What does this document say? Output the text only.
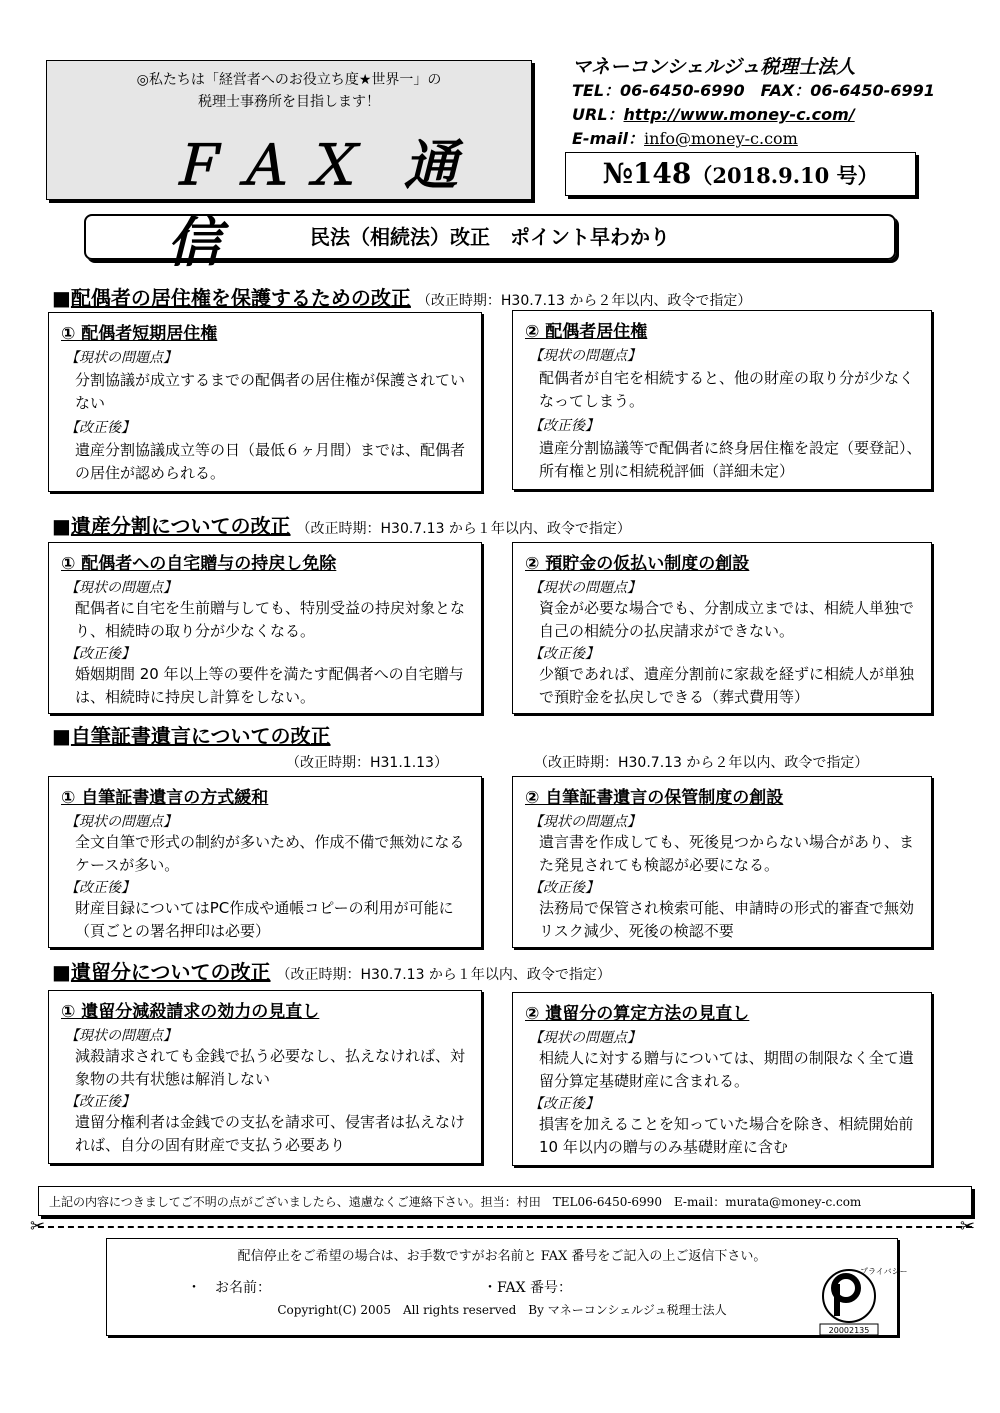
◎私たちは「経営者へのお役立ち度★世界一」の
税理士事務所を目指します！
ＦＡＸ 通信
マネーコンシェルジュ税理士法人
TEL：06-6450-6990　FAX：06-6450-6991
URL：http://www.money-c.com/
E-mail：info@money-c.com
№148（2018.9.10 号）
民法（相続法）改正　ポイント早わかり
■配偶者の居住権を保護するための改正 （改正時期：H30.7.13 から２年以内、政令で指定）
① 配偶者短期居住権
【現状の問題点】
分割協議が成立するまでの配偶者の居住権が保護されていない
【改正後】
遺産分割協議成立等の日（最低６ヶ月間）までは、配偶者の居住が認められる。
② 配偶者居住権
【現状の問題点】
配偶者が自宅を相続すると、他の財産の取り分が少なくなってしまう。
【改正後】
遺産分割協議等で配偶者に終身居住権を設定（要登記）、所有権と別に相続税評価（詳細未定）
■遺産分割についての改正 （改正時期：H30.7.13 から１年以内、政令で指定）
① 配偶者への自宅贈与の持戻し免除
【現状の問題点】
配偶者に自宅を生前贈与しても、特別受益の持戻対象となり、相続時の取り分が少なくなる。
【改正後】
婚姻期間 20 年以上等の要件を満たす配偶者への自宅贈与は、相続時に持戻し計算をしない。
② 預貯金の仮払い制度の創設
【現状の問題点】
資金が必要な場合でも、分割成立までは、相続人単独で自己の相続分の払戻請求ができない。
【改正後】
少額であれば、遺産分割前に家裁を経ずに相続人が単独で預貯金を払戻しできる（葬式費用等）
■自筆証書遺言についての改正
（改正時期：H31.1.13）	（改正時期：H30.7.13 から２年以内、政令で指定）
① 自筆証書遺言の方式緩和
【現状の問題点】
全文自筆で形式の制約が多いため、作成不備で無効になるケースが多い。
【改正後】
財産目録についてはPC作成や通帳コピーの利用が可能に（頁ごとの署名押印は必要）
② 自筆証書遺言の保管制度の創設
【現状の問題点】
遺言書を作成しても、死後見つからない場合があり、また発見されても検認が必要になる。
【改正後】
法務局で保管され検索可能、申請時の形式的審査で無効リスク減少、死後の検認不要
■遺留分についての改正 （改正時期：H30.7.13 から１年以内、政令で指定）
① 遺留分減殺請求の効力の見直し
【現状の問題点】
減殺請求されても金銭で払う必要なし、払えなければ、対象物の共有状態は解消しない
【改正後】
遺留分権利者は金銭での支払を請求可、侵害者は払えなければ、自分の固有財産で支払う必要あり
② 遺留分の算定方法の見直し
【現状の問題点】
相続人に対する贈与については、期間の制限なく全て遺留分算定基礎財産に含まれる。
【改正後】
損害を加えることを知っていた場合を除き、相続開始前 10 年以内の贈与のみ基礎財産に含む
上記の内容につきましてご不明の点がございましたら、遠慮なくご連絡下さい。担当：村田　TEL06-6450-6990　E-mail：murata@money-c.com
✂	✂
配信停止をご希望の場合は、お手数ですがお名前と FAX 番号をご記入の上ご返信下さい。
・　お名前：	・FAX 番号：
Copyright(C) 2005　All rights reserved　By マネーコンシェルジュ税理士法人
プライバシー
20002135
